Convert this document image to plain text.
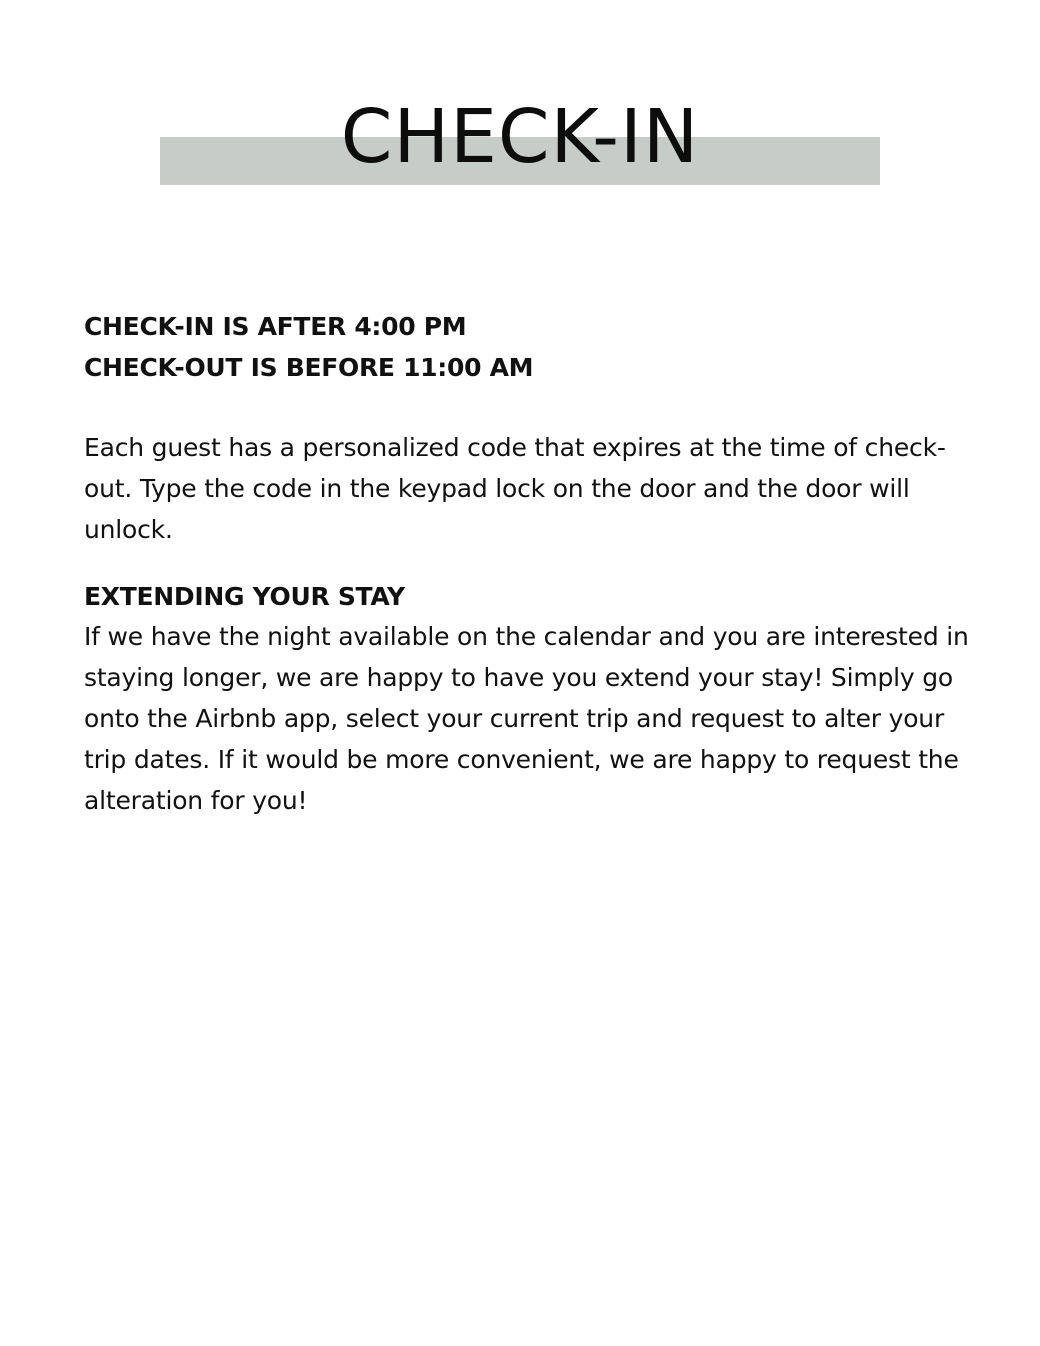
CHECK-IN

CHECK-IN IS AFTER 4:00 PM
CHECK-OUT IS BEFORE 11:00 AM

Each guest has a personalized code that expires at the time of check-out. Type the code in the keypad lock on the door and the door will unlock.

EXTENDING YOUR STAY

If we have the night available on the calendar and you are interested in staying longer, we are happy to have you extend your stay! Simply go onto the Airbnb app, select your current trip and request to alter your trip dates. If it would be more convenient, we are happy to request the alteration for you!
